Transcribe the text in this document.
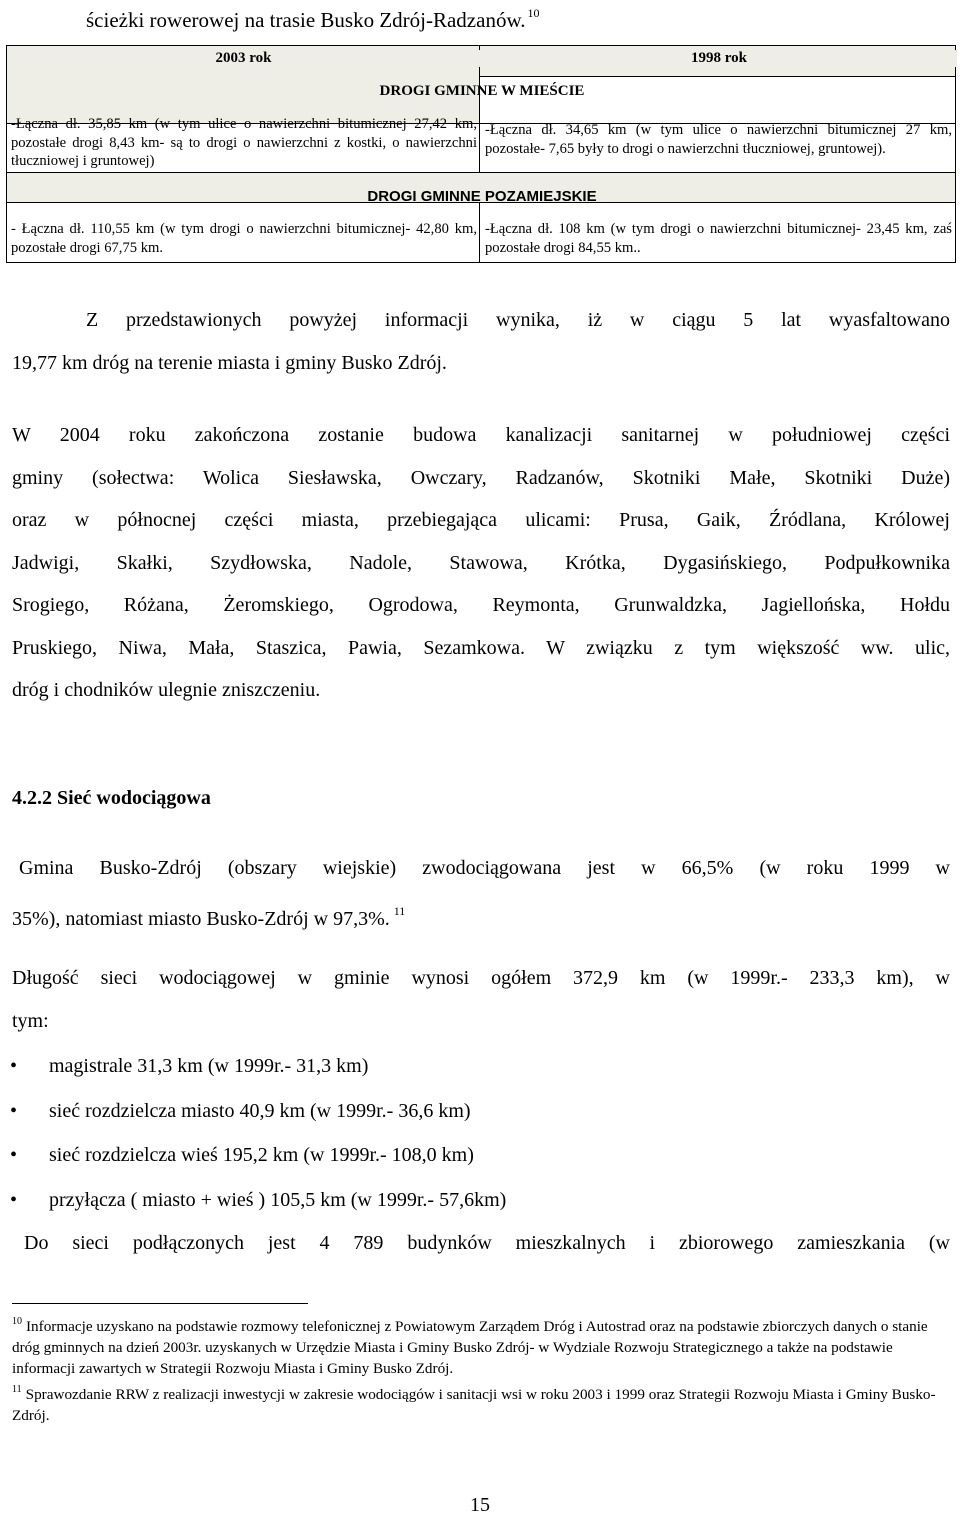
ścieżki rowerowej na trasie Busko Zdrój-Radzanów. $^{10}$
2003 rok	1998 rok
DROGI GMINNE W MIEŚCIE
-Łączna dł. 35,85 km (w tym ulice o nawierzchni bitumicznej 27,42 km, pozostałe drogi 8,43 km- są to drogi o nawierzchni z kostki, o nawierzchni tłuczniowej i gruntowej)
-Łączna dł. 34,65 km (w tym ulice o nawierzchni bitumicznej 27 km, pozostałe- 7,65 były to drogi o nawierzchni tłuczniowej, gruntowej).
DROGI GMINNE POZAMIEJSKIE
- Łączna dł. 110,55 km (w tym drogi o nawierzchni bitumicznej- 42,80 km, pozostałe drogi 67,75 km.
-Łączna dł. 108 km (w tym drogi o nawierzchni bitumicznej- 23,45 km, zaś pozostałe drogi 84,55 km..
Z przedstawionych powyżej informacji wynika, iż w ciągu 5 lat wyasfaltowano
19,77 km dróg na terenie miasta i gminy Busko Zdrój.
W 2004 roku zakończona zostanie budowa kanalizacji sanitarnej w południowej części
gminy (sołectwa: Wolica Siesławska, Owczary, Radzanów, Skotniki Małe, Skotniki Duże)
oraz w północnej części miasta, przebiegająca ulicami: Prusa, Gaik, Źródlana, Królowej
Jadwigi, Skałki, Szydłowska, Nadole, Stawowa, Krótka, Dygasińskiego, Podpułkownika
Srogiego, Różana, Żeromskiego, Ogrodowa, Reymonta, Grunwaldzka, Jagiellońska, Hołdu
Pruskiego, Niwa, Mała, Staszica, Pawia, Sezamkowa. W związku z tym większość ww. ulic,
dróg i chodników ulegnie zniszczeniu.
4.2.2 Sieć wodociągowa
Gmina Busko-Zdrój (obszary wiejskie) zwodociągowana jest w 66,5% (w roku 1999 w
35%), natomiast miasto Busko-Zdrój w 97,3%. $^{11}$
Długość sieci wodociągowej w gminie wynosi ogółem 372,9 km (w 1999r.- 233,3 km), w
tym:
• magistrale 31,3 km (w 1999r.- 31,3 km)
• sieć rozdzielcza miasto 40,9 km (w 1999r.- 36,6 km)
• sieć rozdzielcza wieś 195,2 km (w 1999r.- 108,0 km)
• przyłącza ( miasto + wieś ) 105,5 km (w 1999r.- 57,6km)
Do sieci podłączonych jest 4 789 budynków mieszkalnych i zbiorowego zamieszkania (w
$^{10}$ Informacje uzyskano na podstawie rozmowy telefonicznej z Powiatowym Zarządem Dróg i Autostrad oraz na podstawie zbiorczych danych o stanie dróg gminnych na dzień 2003r. uzyskanych w Urzędzie Miasta i Gminy Busko Zdrój- w Wydziale Rozwoju Strategicznego a także na podstawie informacji zawartych w Strategii Rozwoju Miasta i Gminy Busko Zdrój.
$^{11}$ Sprawozdanie RRW z realizacji inwestycji w zakresie wodociągów i sanitacji wsi w roku 2003 i 1999 oraz Strategii Rozwoju Miasta i Gminy Busko-Zdrój.
15
